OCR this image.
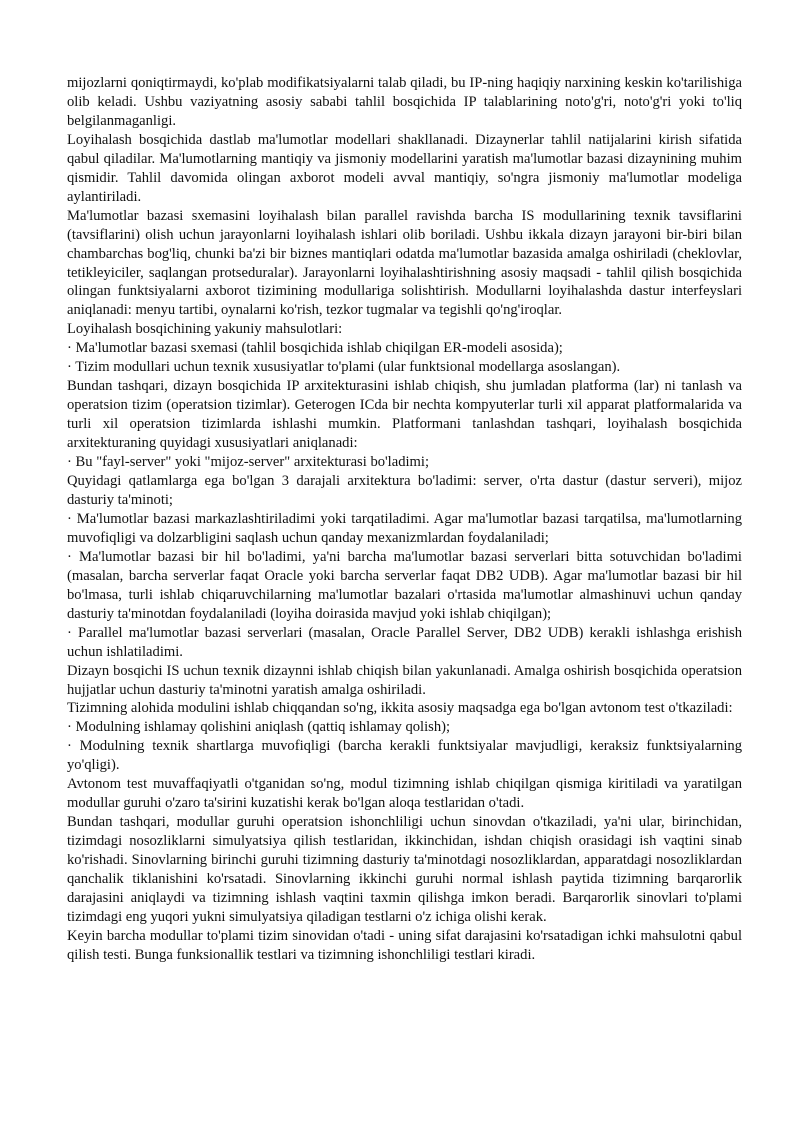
mijozlarni qoniqtirmaydi, ko'plab modifikatsiyalarni talab qiladi, bu IP-ning haqiqiy narxining keskin ko'tarilishiga olib keladi. Ushbu vaziyatning asosiy sababi tahlil bosqichida IP talablarining noto'g'ri, noto'g'ri yoki to'liq belgilanmaganligi.

Loyihalash bosqichida dastlab ma'lumotlar modellari shakllanadi. Dizaynerlar tahlil natijalarini kirish sifatida qabul qiladilar. Ma'lumotlarning mantiqiy va jismoniy modellarini yaratish ma'lumotlar bazasi dizaynining muhim qismidir. Tahlil davomida olingan axborot modeli avval mantiqiy, so'ngra jismoniy ma'lumotlar modeliga aylantiriladi.

Ma'lumotlar bazasi sxemasini loyihalash bilan parallel ravishda barcha IS modullarining texnik tavsiflarini (tavsiflarini) olish uchun jarayonlarni loyihalash ishlari olib boriladi. Ushbu ikkala dizayn jarayoni bir-biri bilan chambarchas bog'liq, chunki ba'zi bir biznes mantiqlari odatda ma'lumotlar bazasida amalga oshiriladi (cheklovlar, tetikleyiciler, saqlangan protseduralar). Jarayonlarni loyihalashtirishning asosiy maqsadi - tahlil qilish bosqichida olingan funktsiyalarni axborot tizimining modullariga solishtirish. Modullarni loyihalashda dastur interfeyslari aniqlanadi: menyu tartibi, oynalarni ko'rish, tezkor tugmalar va tegishli qo'ng'iroqlar.

Loyihalash bosqichining yakuniy mahsulotlari:

· Ma'lumotlar bazasi sxemasi (tahlil bosqichida ishlab chiqilgan ER-modeli asosida);

· Tizim modullari uchun texnik xususiyatlar to'plami (ular funktsional modellarga asoslangan).

Bundan tashqari, dizayn bosqichida IP arxitekturasini ishlab chiqish, shu jumladan platforma (lar) ni tanlash va operatsion tizim (operatsion tizimlar). Geterogen ICda bir nechta kompyuterlar turli xil apparat platformalarida va turli xil operatsion tizimlarda ishlashi mumkin. Platformani tanlashdan tashqari, loyihalash bosqichida arxitekturaning quyidagi xususiyatlari aniqlanadi:

· Bu "fayl-server" yoki "mijoz-server" arxitekturasi bo'ladimi;

Quyidagi qatlamlarga ega bo'lgan 3 darajali arxitektura bo'ladimi: server, o'rta dastur (dastur serveri), mijoz dasturiy ta'minoti;

· Ma'lumotlar bazasi markazlashtiriladimi yoki tarqatiladimi. Agar ma'lumotlar bazasi tarqatilsa, ma'lumotlarning muvofiqligi va dolzarbligini saqlash uchun qanday mexanizmlardan foydalaniladi;

· Ma'lumotlar bazasi bir hil bo'ladimi, ya'ni barcha ma'lumotlar bazasi serverlari bitta sotuvchidan bo'ladimi (masalan, barcha serverlar faqat Oracle yoki barcha serverlar faqat DB2 UDB). Agar ma'lumotlar bazasi bir hil bo'lmasa, turli ishlab chiqaruvchilarning ma'lumotlar bazalari o'rtasida ma'lumotlar almashinuvi uchun qanday dasturiy ta'minotdan foydalaniladi (loyiha doirasida mavjud yoki ishlab chiqilgan);

· Parallel ma'lumotlar bazasi serverlari (masalan, Oracle Parallel Server, DB2 UDB) kerakli ishlashga erishish uchun ishlatiladimi.

Dizayn bosqichi IS uchun texnik dizaynni ishlab chiqish bilan yakunlanadi. Amalga oshirish bosqichida operatsion hujjatlar uchun dasturiy ta'minotni yaratish amalga oshiriladi.

Tizimning alohida modulini ishlab chiqqandan so'ng, ikkita asosiy maqsadga ega bo'lgan avtonom test o'tkaziladi:

· Modulning ishlamay qolishini aniqlash (qattiq ishlamay qolish);

· Modulning texnik shartlarga muvofiqligi (barcha kerakli funktsiyalar mavjudligi, keraksiz funktsiyalarning yo'qligi).

Avtonom test muvaffaqiyatli o'tganidan so'ng, modul tizimning ishlab chiqilgan qismiga kiritiladi va yaratilgan modullar guruhi o'zaro ta'sirini kuzatishi kerak bo'lgan aloqa testlaridan o'tadi.

Bundan tashqari, modullar guruhi operatsion ishonchliligi uchun sinovdan o'tkaziladi, ya'ni ular, birinchidan, tizimdagi nosozliklarni simulyatsiya qilish testlaridan, ikkinchidan, ishdan chiqish orasidagi ish vaqtini sinab ko'rishadi. Sinovlarning birinchi guruhi tizimning dasturiy ta'minotdagi nosozliklardan, apparatdagi nosozliklardan qanchalik tiklanishini ko'rsatadi. Sinovlarning ikkinchi guruhi normal ishlash paytida tizimning barqarorlik darajasini aniqlaydi va tizimning ishlash vaqtini taxmin qilishga imkon beradi. Barqarorlik sinovlari to'plami tizimdagi eng yuqori yukni simulyatsiya qiladigan testlarni o'z ichiga olishi kerak.

Keyin barcha modullar to'plami tizim sinovidan o'tadi - uning sifat darajasini ko'rsatadigan ichki mahsulotni qabul qilish testi. Bunga funksionallik testlari va tizimning ishonchliligi testlari kiradi.
